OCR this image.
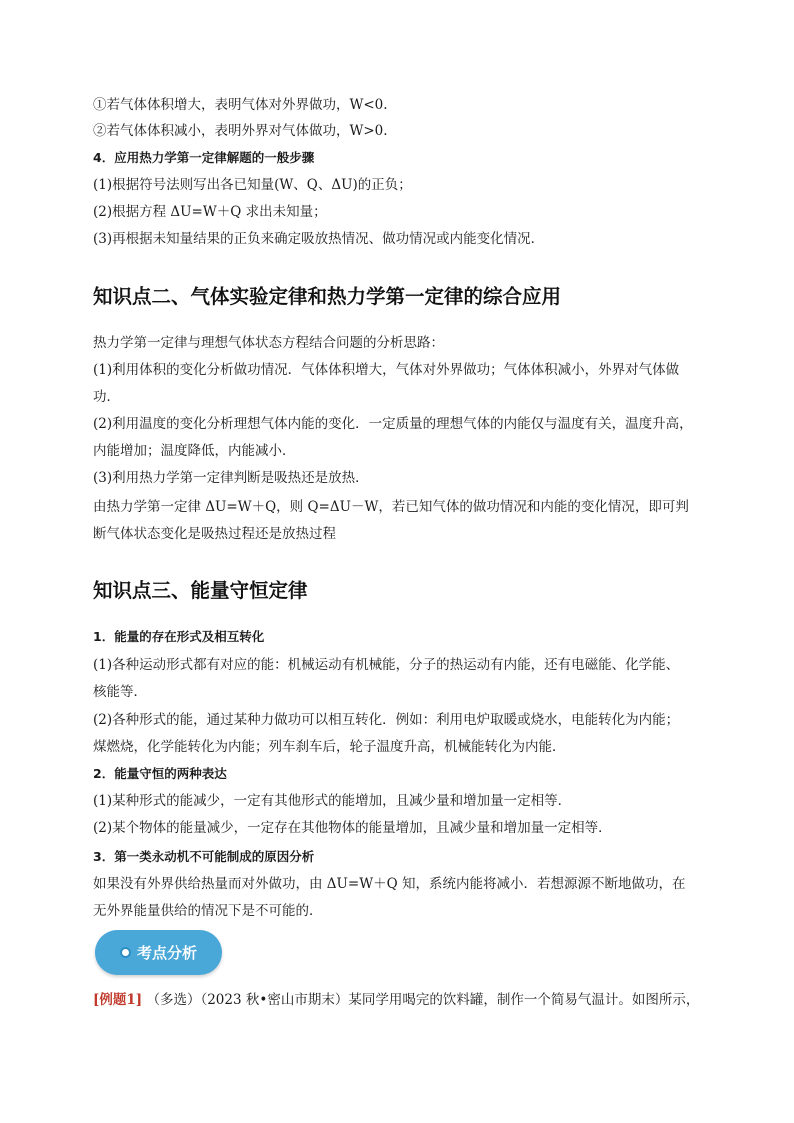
①若气体体积增大，表明气体对外界做功，W<0.
②若气体体积减小，表明外界对气体做功，W>0.
4．应用热力学第一定律解题的一般步骤
(1)根据符号法则写出各已知量(W、Q、ΔU)的正负；
(2)根据方程 ΔU=W＋Q 求出未知量；
(3)再根据未知量结果的正负来确定吸放热情况、做功情况或内能变化情况．
知识点二、气体实验定律和热力学第一定律的综合应用
热力学第一定律与理想气体状态方程结合问题的分析思路：
(1)利用体积的变化分析做功情况．气体体积增大，气体对外界做功；气体体积减小，外界对气体做
功．
(2)利用温度的变化分析理想气体内能的变化．一定质量的理想气体的内能仅与温度有关，温度升高，
内能增加；温度降低，内能减小．
(3)利用热力学第一定律判断是吸热还是放热．
由热力学第一定律 ΔU=W＋Q，则 Q=ΔU－W，若已知气体的做功情况和内能的变化情况，即可判
断气体状态变化是吸热过程还是放热过程
知识点三、能量守恒定律
1．能量的存在形式及相互转化
(1)各种运动形式都有对应的能：机械运动有机械能，分子的热运动有内能，还有电磁能、化学能、
核能等．
(2)各种形式的能，通过某种力做功可以相互转化．例如：利用电炉取暖或烧水，电能转化为内能；
煤燃烧，化学能转化为内能；列车刹车后，轮子温度升高，机械能转化为内能．
2．能量守恒的两种表达
(1)某种形式的能减少，一定有其他形式的能增加，且减少量和增加量一定相等．
(2)某个物体的能量减少，一定存在其他物体的能量增加，且减少量和增加量一定相等．
3．第一类永动机不可能制成的原因分析
如果没有外界供给热量而对外做功，由 ΔU=W＋Q 知，系统内能将减小．若想源源不断地做功，在
无外界能量供给的情况下是不可能的．
考点分析
[例题1] （多选）（2023 秋•密山市期末）某同学用喝完的饮料罐，制作一个简易气温计。如图所示，
